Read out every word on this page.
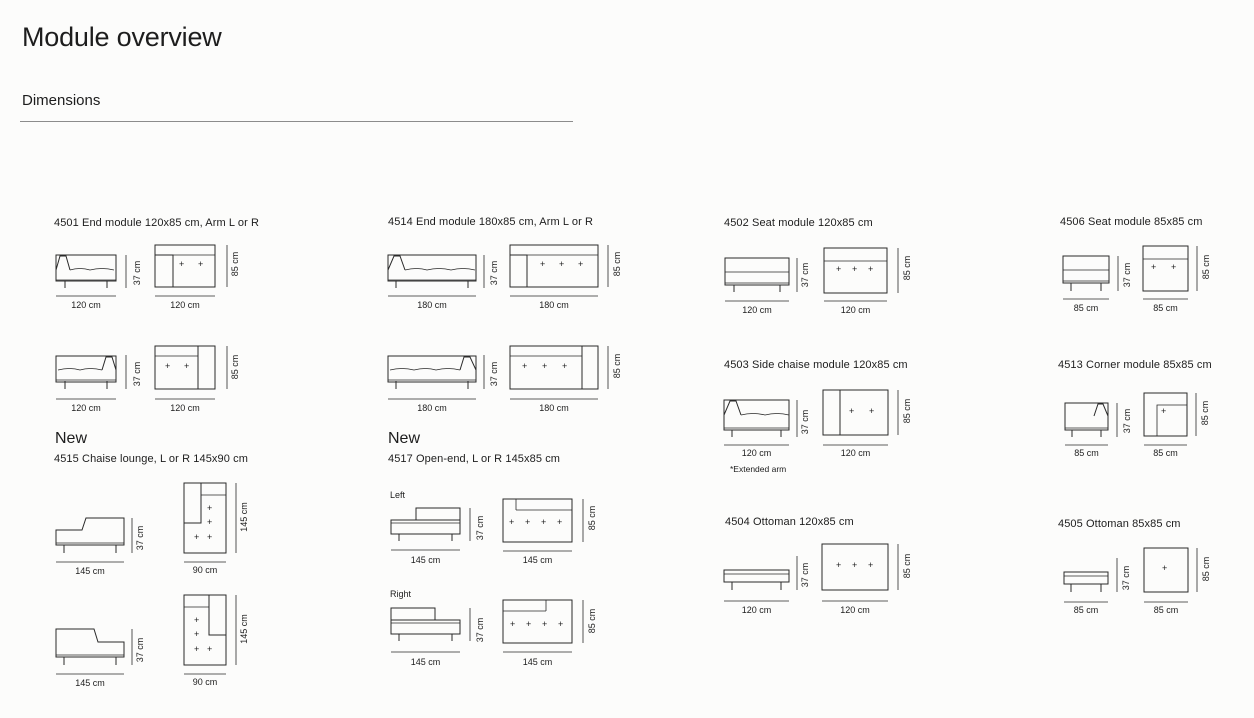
Module overview
Dimensions
+ +
+ +
+ + +
+ + +
+ + +	+ +
+ +	+
+ + +	+
+
+
+ +
+
+
+ +
+ + + +
+ + + +
4501 End module 120x85 cm, Arm L or R	4514 End module 180x85 cm, Arm L or R	4502 Seat module 120x85 cm	4506 Seat module 85x85 cm
4503 Side chaise module 120x85 cm	4513 Corner module 85x85 cm
4504 Ottoman 120x85 cm	4505 Ottoman 85x85 cm
New
4515 Chaise lounge, L or R 145x90 cm
New
4517 Open-end, L or R 145x85 cm
Left
Right
*Extended arm
120 cm	120 cm
120 cm	120 cm
180 cm	180 cm
180 cm	180 cm
120 cm	120 cm	85 cm	85 cm
120 cm	120 cm	85 cm	85 cm
120 cm	120 cm	85 cm	85 cm
145 cm	90 cm
145 cm	90 cm
145 cm	145 cm
145 cm	145 cm
37 cm	85 cm
37 cm	85 cm
37 cm	85 cm
37 cm	85 cm
37 cm	85 cm	37 cm	85 cm
37 cm	85 cm	37 cm	85 cm
37 cm	85 cm	37 cm	85 cm
37 cm
145 cm
37 cm
145 cm
37 cm	85 cm
37 cm	85 cm
